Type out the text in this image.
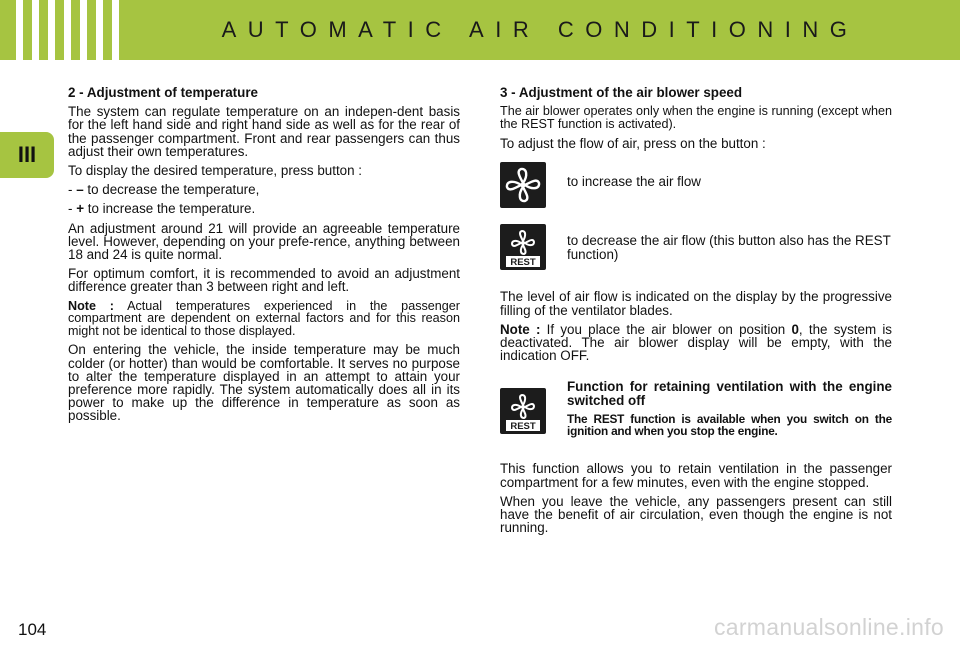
AUTOMATIC AIR CONDITIONING
III
2 - Adjustment of temperature

The system can regulate temperature on an indepen-dent basis for the left hand side and right hand side as well as for the rear of the passenger compartment. Front and rear passengers can thus adjust their own temperatures.

To display the desired temperature, press button :

- – to decrease the temperature,

- + to increase the temperature.

An adjustment around 21 will provide an agreeable temperature level. However, depending on your prefe-rence, anything between 18 and 24 is quite normal.

For optimum comfort, it is recommended to avoid an adjustment difference greater than 3 between right and left.

Note : Actual temperatures experienced in the passenger compartment are dependent on external factors and for this reason might not be identical to those displayed.

On entering the vehicle, the inside temperature may be much colder (or hotter) than would be comfortable. It serves no purpose to alter the temperature displayed in an attempt to attain your preference more rapidly. The system automatically does all in its power to make up the difference in temperature as soon as possible.

3 - Adjustment of the air blower speed

The air blower operates only when the engine is running (except when the REST function is activated).

To adjust the flow of air, press on the button :

to increase the air flow
REST
to decrease the air flow (this button also has the REST function)

The level of air flow is indicated on the display by the progressive filling of the ventilator blades.

Note : If you place the air blower on position 0, the system is deactivated. The air blower display will be empty, with the indication OFF.

REST

Function for retaining ventilation with the engine switched off

The REST function is available when you switch on the ignition and when you stop the engine.

This function allows you to retain ventilation in the passenger compartment for a few minutes, even with the engine stopped.

When you leave the vehicle, any passengers present can still have the benefit of air circulation, even though the engine is not running.

104	carmanualsonline.info
